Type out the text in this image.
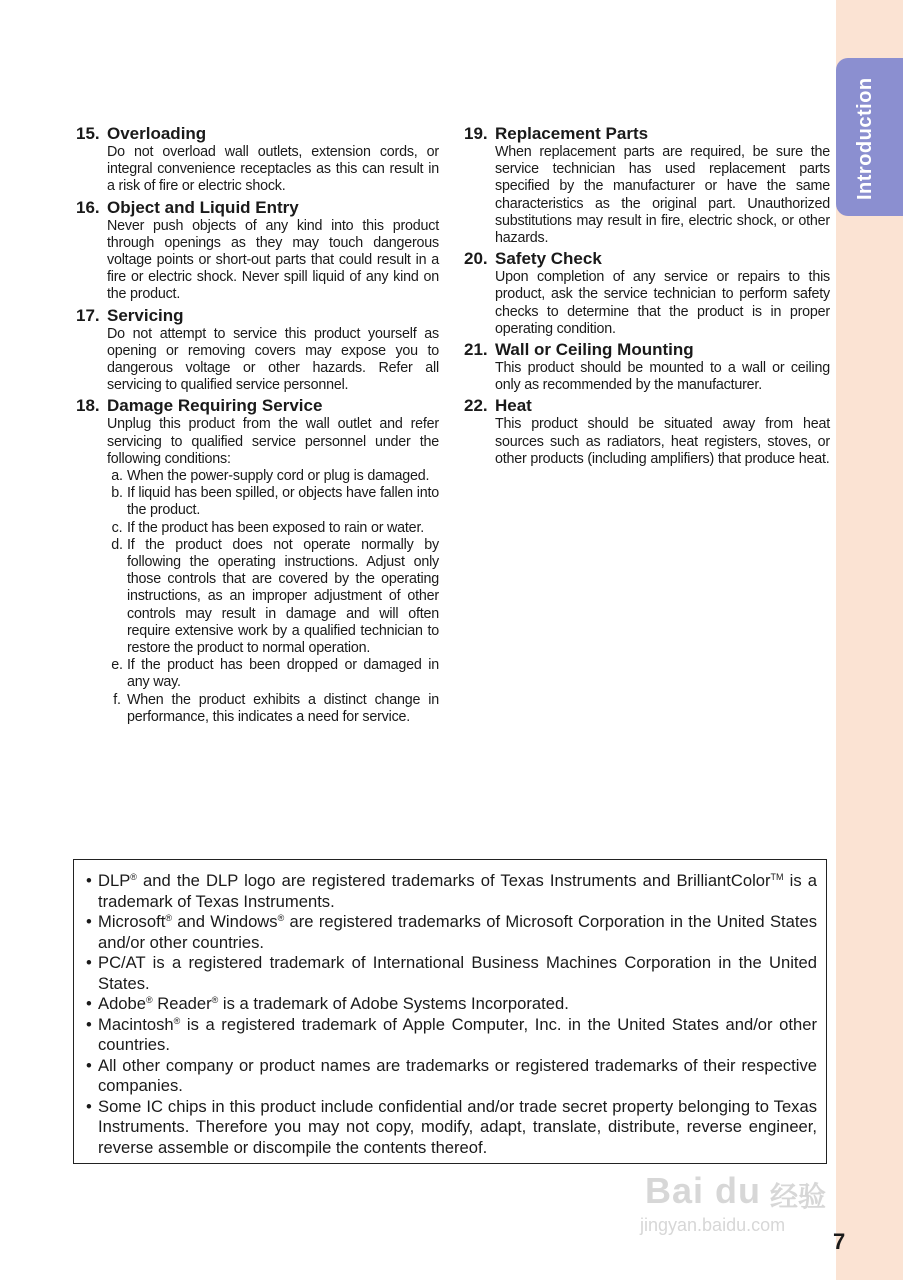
Introduction
15. Overloading
Do not overload wall outlets, extension cords, or integral convenience receptacles as this can result in a risk of fire or electric shock.
16. Object and Liquid Entry
Never push objects of any kind into this product through openings as they may touch dangerous voltage points or short-out parts that could result in a fire or electric shock. Never spill liquid of any kind on the product.
17. Servicing
Do not attempt to service this product yourself as opening or removing covers may expose you to dangerous voltage or other hazards. Refer all servicing to qualified service personnel.
18. Damage Requiring Service
Unplug this product from the wall outlet and refer servicing to qualified service personnel under the following conditions:
a. When the power-supply cord or plug is damaged.
b. If liquid has been spilled, or objects have fallen into the product.
c. If the product has been exposed to rain or water.
d. If the product does not operate normally by following the operating instructions. Adjust only those controls that are covered by the operating instructions, as an improper adjustment of other controls may result in damage and will often require extensive work by a qualified technician to restore the product to normal operation.
e. If the product has been dropped or damaged in any way.
f. When the product exhibits a distinct change in performance, this indicates a need for service.
19. Replacement Parts
When replacement parts are required, be sure the service technician has used replacement parts specified by the manufacturer or have the same characteristics as the original part. Unauthorized substitutions may result in fire, electric shock, or other hazards.
20. Safety Check
Upon completion of any service or repairs to this product, ask the service technician to perform safety checks to determine that the product is in proper operating condition.
21. Wall or Ceiling Mounting
This product should be mounted to a wall or ceiling only as recommended by the manufacturer.
22. Heat
This product should be situated away from heat sources such as radiators, heat registers, stoves, or other products (including amplifiers) that produce heat.
• DLP® and the DLP logo are registered trademarks of Texas Instruments and BrilliantColor™ is a trademark of Texas Instruments.
• Microsoft® and Windows® are registered trademarks of Microsoft Corporation in the United States and/or other countries.
• PC/AT is a registered trademark of International Business Machines Corporation in the United States.
• Adobe® Reader® is a trademark of Adobe Systems Incorporated.
• Macintosh® is a registered trademark of Apple Computer, Inc. in the United States and/or other countries.
• All other company or product names are trademarks or registered trademarks of their respective companies.
• Some IC chips in this product include confidential and/or trade secret property belonging to Texas Instruments. Therefore you may not copy, modify, adapt, translate, distribute, reverse engineer, reverse assemble or discompile the contents thereof.
Bai du 经验
jingyan.baidu.com
7
